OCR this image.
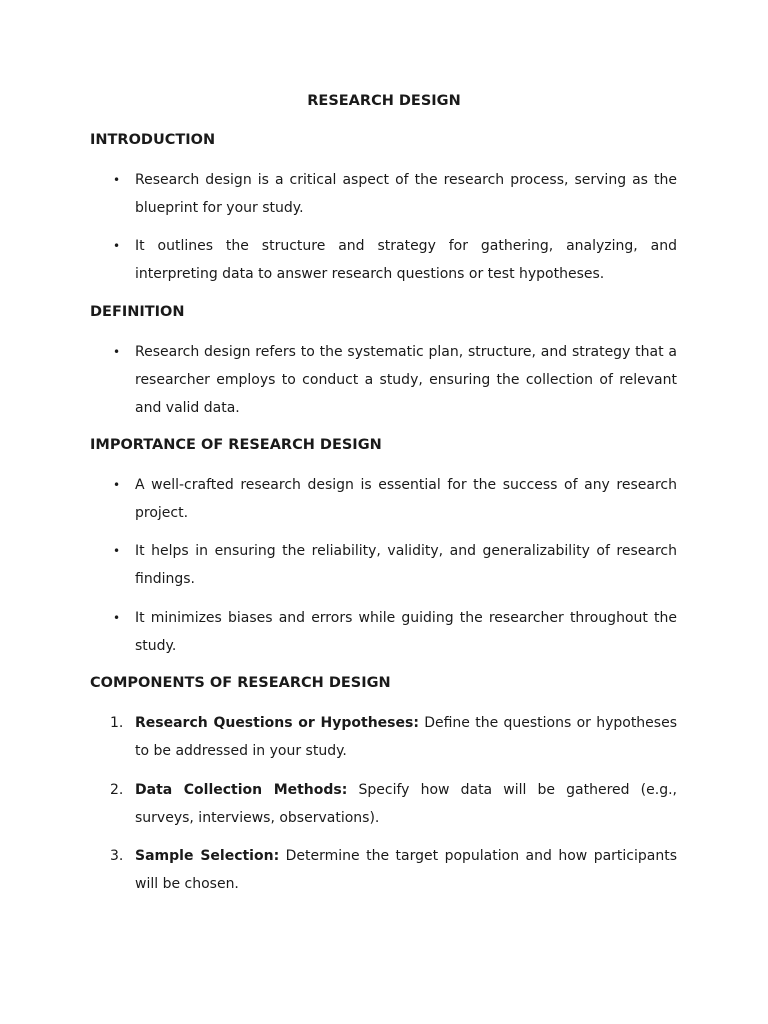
RESEARCH DESIGN
INTRODUCTION
•	Research design is a critical aspect of the research process, serving as the blueprint for your study.
•	It outlines the structure and strategy for gathering, analyzing, and interpreting data to answer research questions or test hypotheses.
DEFINITION
•	Research design refers to the systematic plan, structure, and strategy that a researcher employs to conduct a study, ensuring the collection of relevant and valid data.
IMPORTANCE OF RESEARCH DESIGN
•	A well-crafted research design is essential for the success of any research project.
•	It helps in ensuring the reliability, validity, and generalizability of research findings.
•	It minimizes biases and errors while guiding the researcher throughout the study.
COMPONENTS OF RESEARCH DESIGN
1. Research Questions or Hypotheses: Define the questions or hypotheses to be addressed in your study.
2. Data Collection Methods: Specify how data will be gathered (e.g., surveys, interviews, observations).
3. Sample Selection: Determine the target population and how participants will be chosen.
